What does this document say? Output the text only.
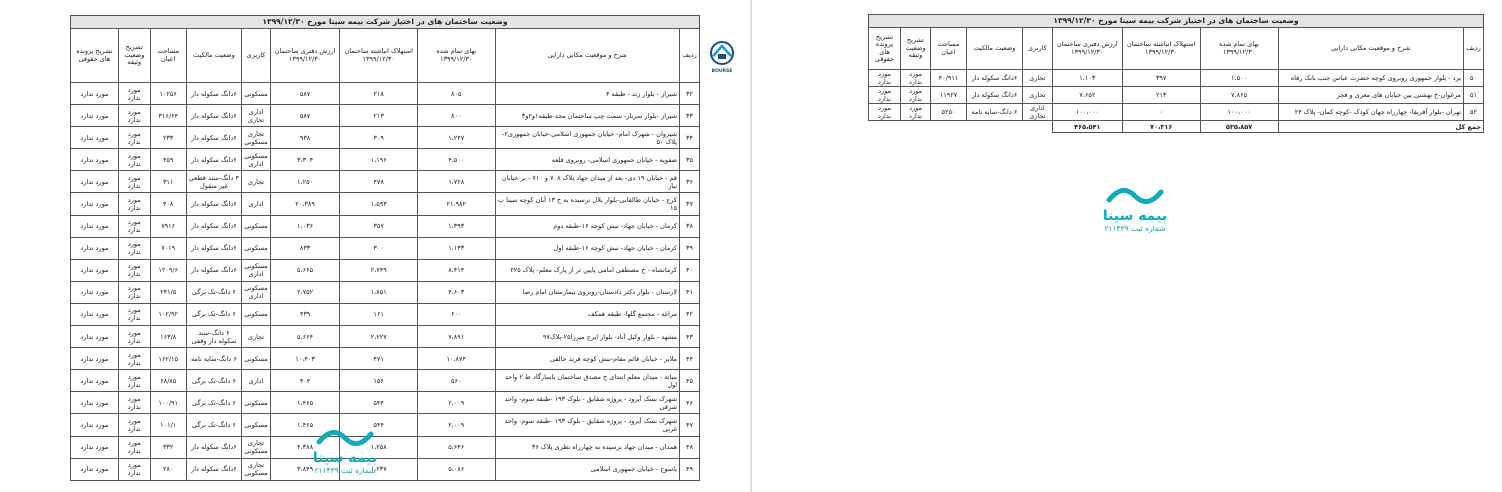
وضعیت ساختمان های در اختیار شرکت بیمه سینا مورخ ۱۳۹۹/۱۲/۳۰									
ردیف	شرح و موقعیت مکانی دارایی	بهای تمام شده ۱۳۹۹/۱۲/۳۰	استهلاک انباشته ساختمان ۱۳۹۹/۱۲/۳۰	ارزش دفتری ساختمان ۱۳۹۹/۱۲/۳۰	کاربری	وضعیت مالکیت	مساحت اعیان	تشریح وضعیت وثیقه	تشریح پرونده های حقوقی
۳۲	شیراز - بلوار زند - طبقه ۴	۸۰۵	۲۱۸	۵۸۷	مسکونی	۶دانگ سکوله دار	۱۰۲۵۶	مورد ندارد	مورد ندارد
۳۳	شیراز -بلوار سرباز- سمت چپ ساختمان مجد-طبقه۱و۲و۳	۸۰۰	۲۱۳	۵۸۷	اداری تجاری	۶دانگ سکوله دار	۳۱۶/۶۴	مورد ندارد	مورد ندارد
۳۴	شیروان - شهرک امام- خیابان جمهوری اسلامی-خیابان جمهوری۲- پلاک ۵۰	۱،۲۴۷	۳۰۹	۹۳۸	تجاری مسکونی	۶دانگ سکوله دار	۲۳۳	مورد ندارد	مورد ندارد
۳۵	صفویه - خیابان جمهوری اسلامی- روبروی قلعه	۴،۵۰۰	۱،۱۹۶	۳،۳۰۴	مسکونی اداری	۶دانگ سکوله دار	۴۵۹	مورد ندارد	مورد ندارد
۳۶	قم - خیابان ۱۹ دی- بعد از میدان جهاد پلاک ۷۰۸ و ۷۱۰ - بر خیابان نیاز	۱،۷۲۸	۴۷۸	۱،۲۵۰	تجاری	۴ دانگ-سند قطعی غیر منقول	۳۱۱	مورد ندارد	مورد ندارد
۳۷	کرج - خیابان طالقانی-بلوار بلال نرسیده به خ ۱۳ آبان کوچه سینا پ ۱۵	۲۱،۹۸۲	۱،۵۹۳	۲۰،۳۸۹	اداری	۶دانگ سکوله دار	۴۰۸	مورد ندارد	مورد ندارد
۳۸	کرمان - خیابان جهاد- نبش کوچه ۱۶-طبقه دوم	۱،۳۹۳	۳۵۷	۱،۰۳۶	مسکونی	۶دانگ سکوله دار	۷۹۱۶	مورد ندارد	مورد ندارد
۳۹	کرمان - خیابان جهاد- نبش کوچه ۱۶-طبقه اول	۱،۱۳۳	۳۰۰	۸۳۳	مسکونی	۶دانگ سکوله دار	۷۰۱۹	مورد ندارد	مورد ندارد
۴۰	کرمانشاه - خ مصطفی امامی پایین تر از پارک معلم- پلاک ۲۲۵	۸،۴۱۴	۲،۷۴۹	۵،۶۶۵	مسکونی اداری	۶دانگ سکوله دار	۱۲۰۹/۶	مورد ندارد	مورد ندارد
۴۱	لارستان - بلوار دکتر دادستان-روبروی بیمارستان امام رضا	۴،۶۰۳	۱،۸۵۱	۲،۷۵۲	مسکونی اداری	۶ دانگ-تک برگی	۲۴۱/۵	مورد ندارد	مورد ندارد
۴۲	مراغه - مجتمع گلها- طبقه همکف	۶۰۰	۱۶۱	۴۳۹	مسکونی	۶ دانگ-تک برگی	۱۰۲/۹۲	مورد ندارد	مورد ندارد
۴۳	مشهد - بلوار وکیل آباد- بلوار ایرج میرزا۲۵-پلاک۹۷	۷،۸۹۱	۲،۲۲۷	۵،۶۶۴	تجاری	۶ دانگ-سند سکوله دار وقفی	۱۶۳/۸	مورد ندارد	مورد ندارد
۴۴	ملایر - خیابان قائم مقام-نبش کوچه فرید خالقی	۱۰،۸۷۴	۴۷۱	۱۰،۴۰۳	مسکونی	۶ دانگ-سایه نامه	۱۶۲/۱۵	مورد ندارد	مورد ندارد
۴۵	میانه - میدان معلم ابتدای خ مصدق ساختمان پاسارگاد ط ۲ واحد اول	۵۶۰	۱۵۶	۴۰۴	اداری	۶ دانگ-تک برگی	۶۸/۸۵	مورد ندارد	مورد ندارد
۴۶	شهرک نسک آیرود - پروژه شقایق - بلوک ۱۹۳ -طبقه سوم- واحد شرقی	۲،۰۰۹	۵۴۴	۱،۴۶۵	مسکونی	۶ دانگ-تک برگی	۱۰۰/۹۱	مورد ندارد	مورد ندارد
۴۷	شهرک نسک آیرود - پروژه شقایق - بلوک ۱۹۳ -طبقه سوم- واحد غربی	۲،۰۰۹	۵۴۴	۱،۴۶۵	مسکونی	۶ دانگ-تک برگی	۱۰۱/۱	مورد ندارد	مورد ندارد
۴۸	همدان - میدان جهاد نرسیده به چهارراه نظری پلاک ۳۶	۵،۶۴۶	۱،۲۵۸	۴،۳۸۸	تجاری مسکونی	۶دانگ سکوله دار	۳۳۲	مورد ندارد	مورد ندارد
۴۹	یاسوج - خیابان جمهوری اسلامی	۵،۰۸۶	۱،۲۳۷	۳،۸۴۹	تجاری مسکونی	۶دانگ سکوله دار	۲۸۰	مورد ندارد	مورد ندارد
وضعیت ساختمان های در اختیار شرکت بیمه سینا مورخ ۱۳۹۹/۱۲/۳۰									
ردیف	شرح و موقعیت مکانی دارایی	بهای تمام شده ۱۳۹۹/۱۲/۳۰	استهلاک انباشته ساختمان ۱۳۹۹/۱۲/۳۰	ارزش دفتری ساختمان ۱۳۹۹/۱۲/۳۰	کاربری	وضعیت مالکیت	مساحت اعیان	تشریح وضعیت وثیقه	تشریح پرونده های حقوقی
۵۰	یزد - بلوار جمهوری روبروی کوچه حضرت عباس جنب بانک رفاه	۱،۵۰۰	۳۹۷	۱،۱۰۳	تجاری	۶دانگ سکوله دار	۴۰/۹۱۱	مورد ندارد	مورد ندارد
۵۱	مرغوان-خ بهشتی بین خیابان های معزی و فجر	۷،۸۶۵	۲۱۳	۷،۶۵۲	تجاری	۶دانگ سکوله دار	۱۱۹۲۷	مورد ندارد	مورد ندارد
۵۲	تهران -بلوار آفریقا- چهارراه جهان کودک -کوچه کمان- پلاک ۲۴	۱۰۰،۰۰۰	۰	۱۰۰،۰۰۰	اداری تجاری	۶ دانگ-سایه نامه	۵۲۵۰	مورد ندارد	مورد ندارد
جمع کل		۵۳۵،۸۵۷	۷۰،۳۱۶	۴۶۵،۵۴۱					
BOURSE
بیمه سینا
شماره ثبت ۲۱۱۴۳۹
بیمه سینا
شماره ثبت ۲۱۱۴۳۹
